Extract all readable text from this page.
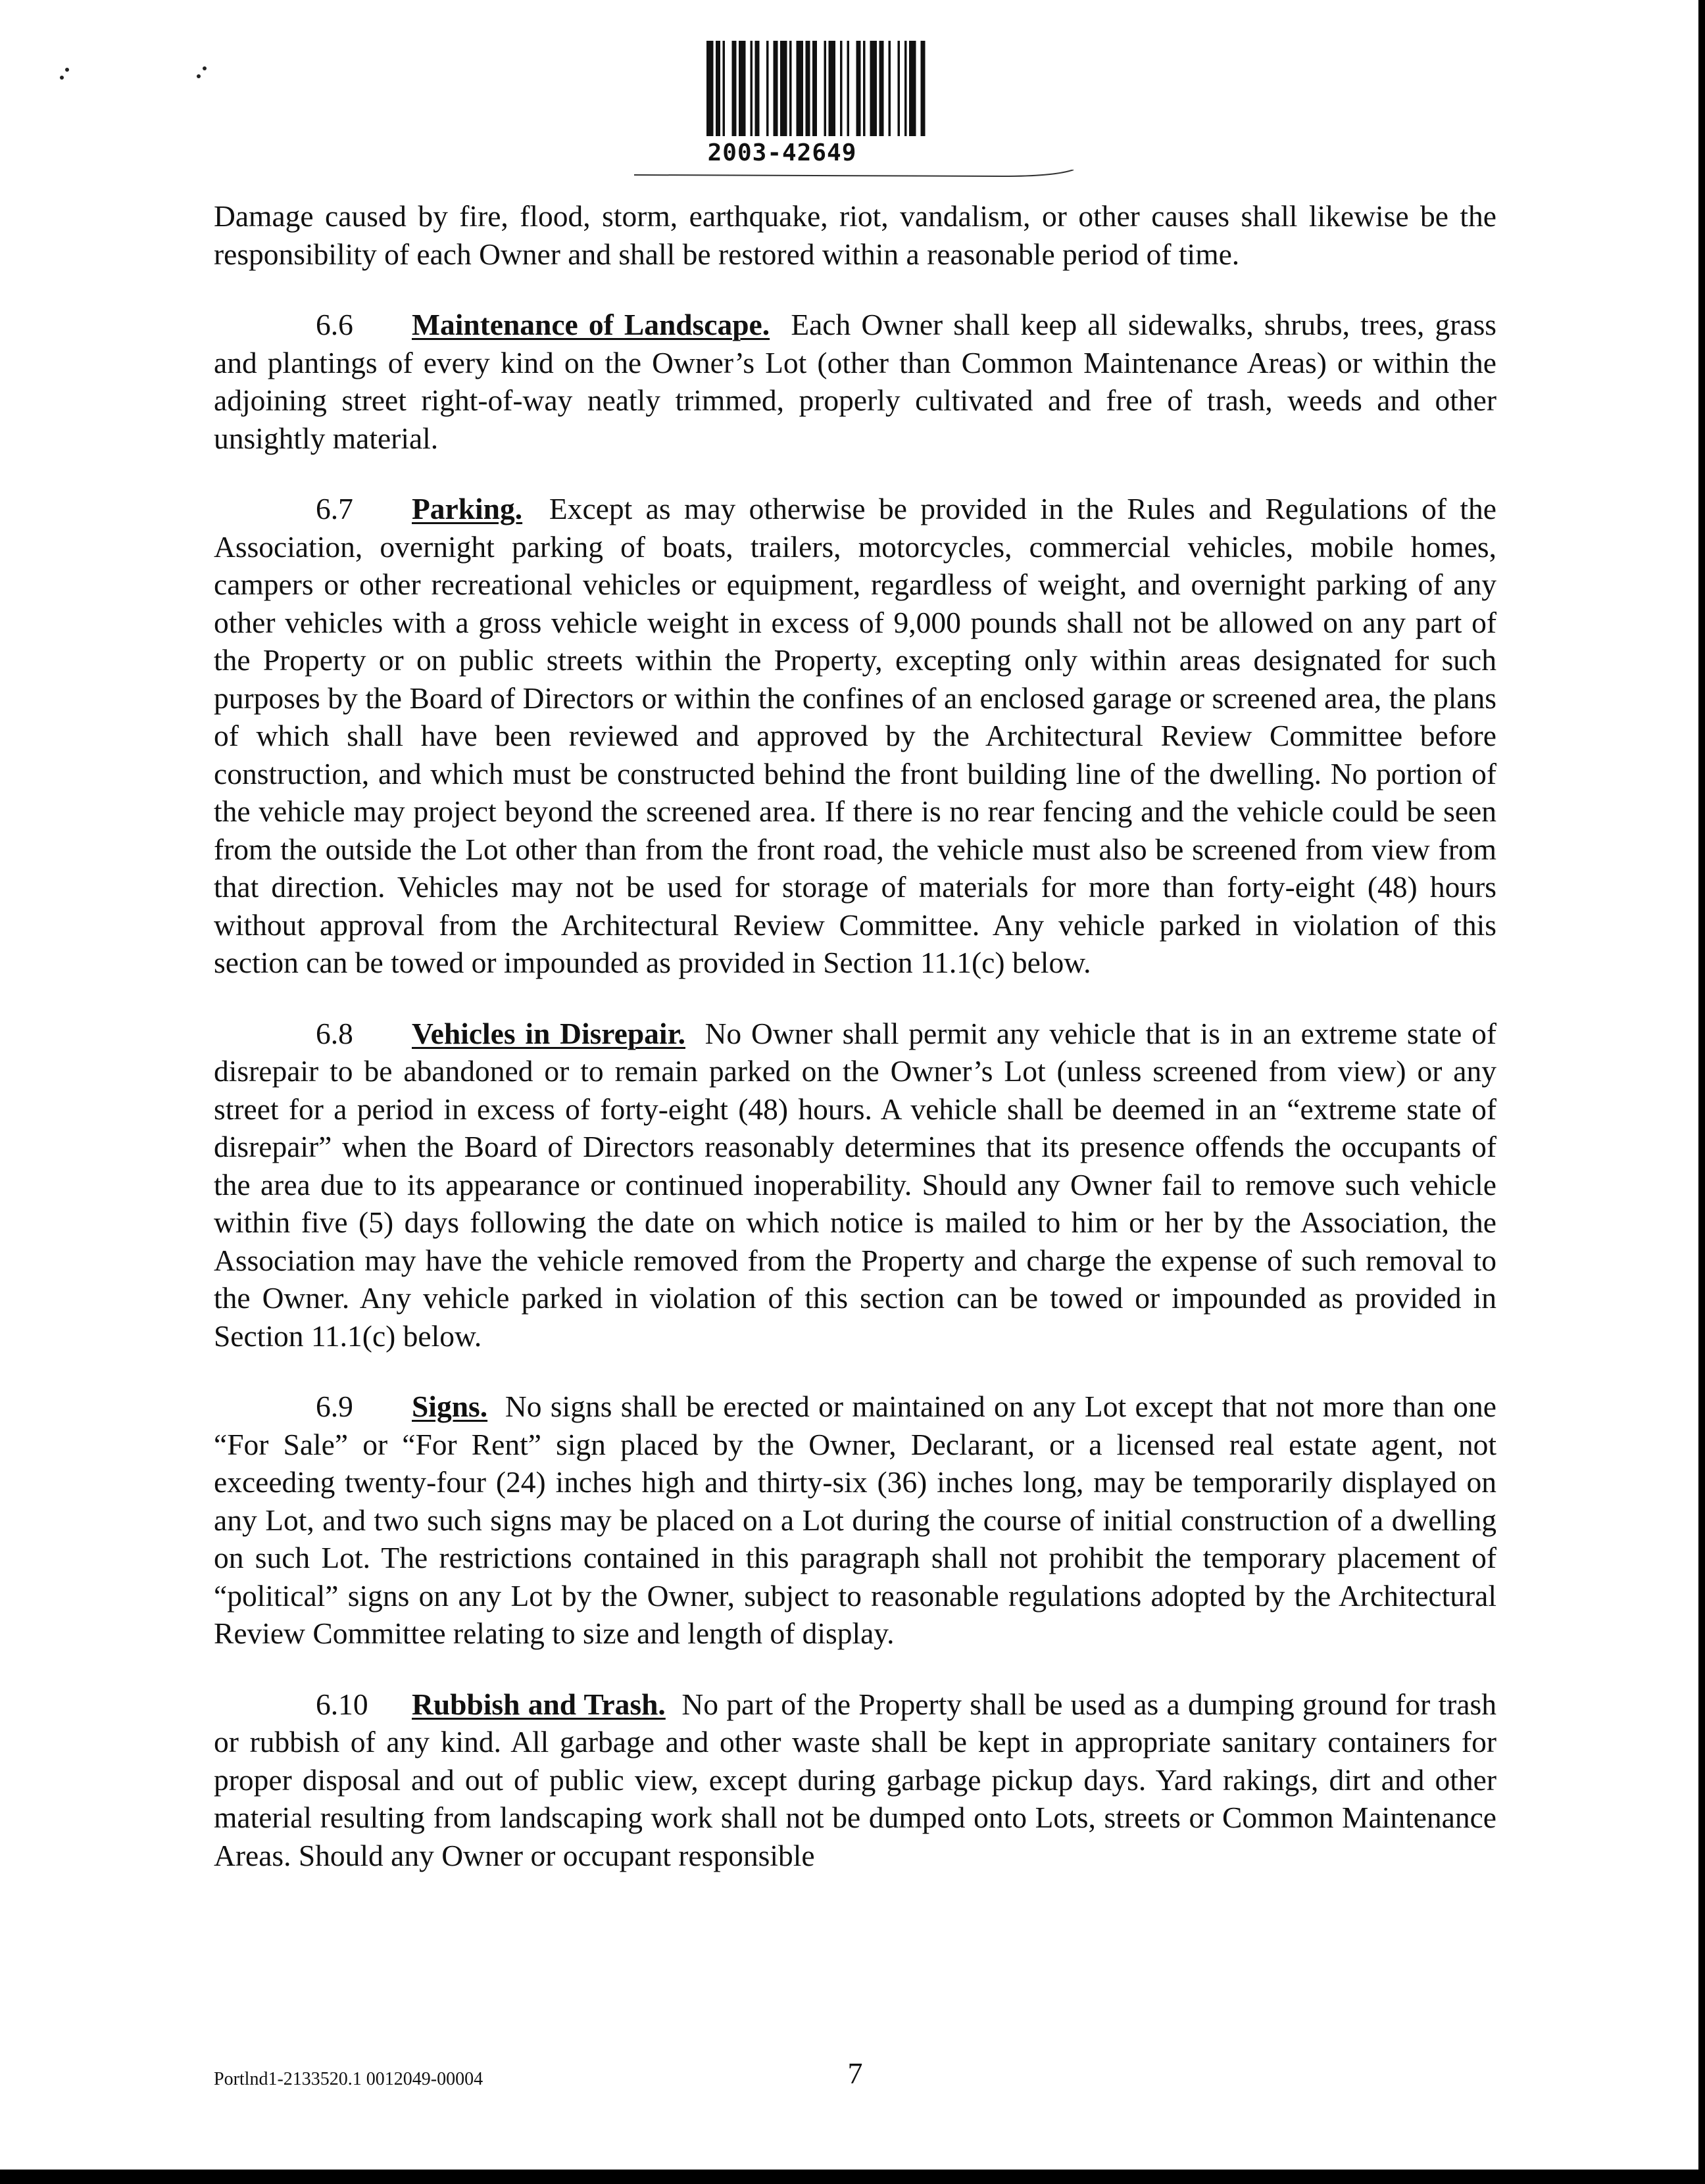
2003-42649

Damage caused by fire, flood, storm, earthquake, riot, vandalism, or other causes shall likewise be the responsibility of each Owner and shall be restored within a reasonable period of time.

6.6 Maintenance of Landscape. Each Owner shall keep all sidewalks, shrubs, trees, grass and plantings of every kind on the Owner’s Lot (other than Common Maintenance Areas) or within the adjoining street right-of-way neatly trimmed, properly cultivated and free of trash, weeds and other unsightly material.

6.7 Parking. Except as may otherwise be provided in the Rules and Regulations of the Association, overnight parking of boats, trailers, motorcycles, commercial vehicles, mobile homes, campers or other recreational vehicles or equipment, regardless of weight, and overnight parking of any other vehicles with a gross vehicle weight in excess of 9,000 pounds shall not be allowed on any part of the Property or on public streets within the Property, excepting only within areas designated for such purposes by the Board of Directors or within the confines of an enclosed garage or screened area, the plans of which shall have been reviewed and approved by the Architectural Review Committee before construction, and which must be constructed behind the front building line of the dwelling. No portion of the vehicle may project beyond the screened area. If there is no rear fencing and the vehicle could be seen from the outside the Lot other than from the front road, the vehicle must also be screened from view from that direction. Vehicles may not be used for storage of materials for more than forty-eight (48) hours without approval from the Architectural Review Committee. Any vehicle parked in violation of this section can be towed or impounded as provided in Section 11.1(c) below.

6.8 Vehicles in Disrepair. No Owner shall permit any vehicle that is in an extreme state of disrepair to be abandoned or to remain parked on the Owner’s Lot (unless screened from view) or any street for a period in excess of forty-eight (48) hours. A vehicle shall be deemed in an “extreme state of disrepair” when the Board of Directors reasonably determines that its presence offends the occupants of the area due to its appearance or continued inoperability. Should any Owner fail to remove such vehicle within five (5) days following the date on which notice is mailed to him or her by the Association, the Association may have the vehicle removed from the Property and charge the expense of such removal to the Owner. Any vehicle parked in violation of this section can be towed or impounded as provided in Section 11.1(c) below.

6.9 Signs. No signs shall be erected or maintained on any Lot except that not more than one “For Sale” or “For Rent” sign placed by the Owner, Declarant, or a licensed real estate agent, not exceeding twenty-four (24) inches high and thirty-six (36) inches long, may be temporarily displayed on any Lot, and two such signs may be placed on a Lot during the course of initial construction of a dwelling on such Lot. The restrictions contained in this paragraph shall not prohibit the temporary placement of “political” signs on any Lot by the Owner, subject to reasonable regulations adopted by the Architectural Review Committee relating to size and length of display.

6.10 Rubbish and Trash. No part of the Property shall be used as a dumping ground for trash or rubbish of any kind. All garbage and other waste shall be kept in appropriate sanitary containers for proper disposal and out of public view, except during garbage pickup days. Yard rakings, dirt and other material resulting from landscaping work shall not be dumped onto Lots, streets or Common Maintenance Areas. Should any Owner or occupant responsible

Portlnd1-2133520.1 0012049-00004	7
